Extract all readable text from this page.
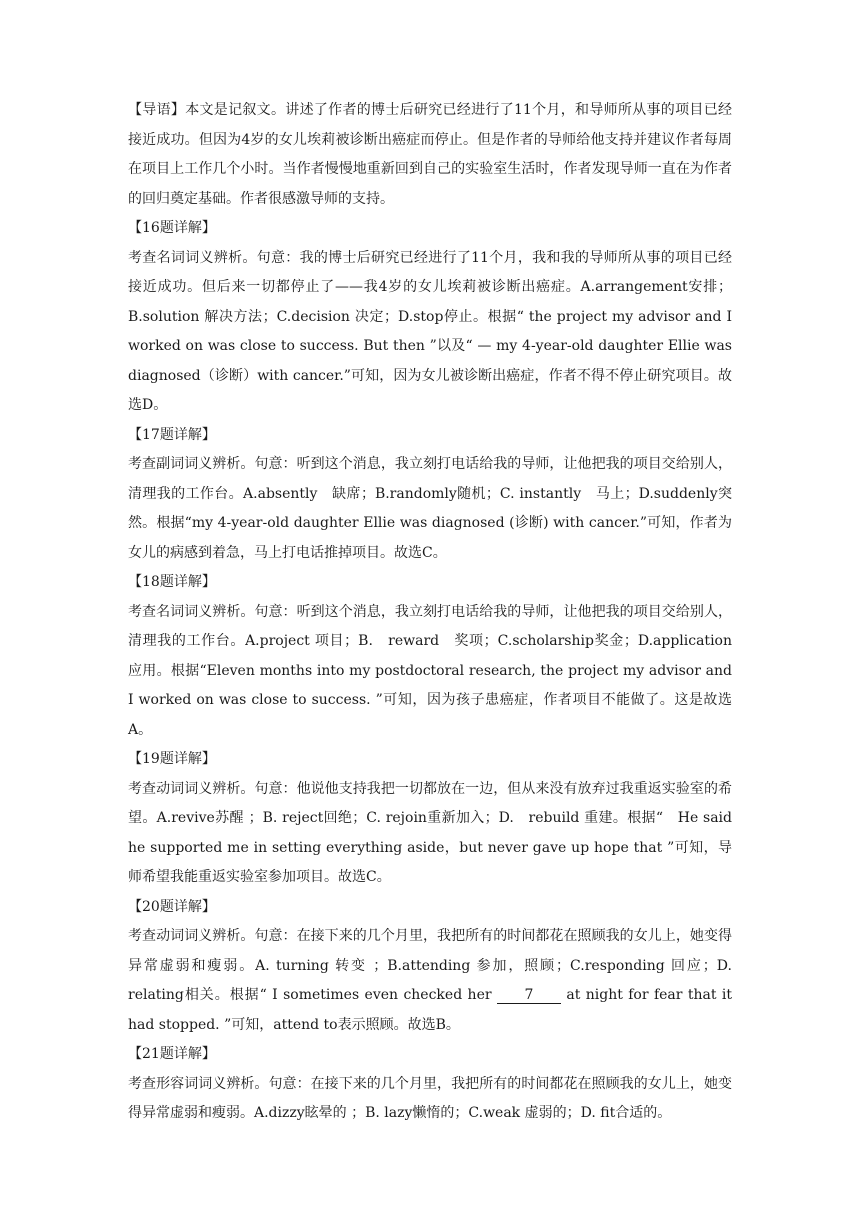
【导语】本文是记叙文。讲述了作者的博士后研究已经进行了11个月，和导师所从事的项目已经接近成功。但因为4岁的女儿埃莉被诊断出癌症而停止。但是作者的导师给他支持并建议作者每周在项目上工作几个小时。当作者慢慢地重新回到自己的实验室生活时，作者发现导师一直在为作者的回归奠定基础。作者很感激导师的支持。

【16题详解】

考查名词词义辨析。句意：我的博士后研究已经进行了11个月，我和我的导师所从事的项目已经接近成功。但后来一切都停止了——我4岁的女儿埃莉被诊断出癌症。A.arrangement安排；B.solution 解决方法；C.decision 决定；D.stop停止。根据“ the project my advisor and I worked on was close to success. But then ”以及“ — my 4-year-old daughter Ellie was diagnosed（诊断）with cancer.”可知，因为女儿被诊断出癌症，作者不得不停止研究项目。故选D。

【17题详解】

考查副词词义辨析。句意：听到这个消息，我立刻打电话给我的导师，让他把我的项目交给别人，清理我的工作台。A.absently　缺席；B.randomly随机；C. instantly　马上；D.suddenly突然。根据“my 4-year-old daughter Ellie was diagnosed (诊断) with cancer.”可知，作者为女儿的病感到着急，马上打电话推掉项目。故选C。

【18题详解】

考查名词词义辨析。句意：听到这个消息，我立刻打电话给我的导师，让他把我的项目交给别人，清理我的工作台。A.project 项目；B.　reward　奖项；C.scholarship奖金；D.application应用。根据“Eleven months into my postdoctoral research, the project my advisor and I worked on was close to success. ”可知，因为孩子患癌症，作者项目不能做了。这是故选A。

【19题详解】

考查动词词义辨析。句意：他说他支持我把一切都放在一边，但从来没有放弃过我重返实验室的希望。A.revive苏醒 ；B. reject回绝；C. rejoin重新加入；D.　rebuild 重建。根据“　He said he supported me in setting everything aside，but never gave up hope that ”可知，导师希望我能重返实验室参加项目。故选C。

【20题详解】

考查动词词义辨析。句意：在接下来的几个月里，我把所有的时间都花在照顾我的女儿上，她变得异常虚弱和瘦弱。A. turning 转变 ；B.attending 参加，照顾；C.responding 回应；D. relating相关。根据“ I sometimes even checked her 7 at night for fear that it had stopped. ”可知，attend to表示照顾。故选B。

【21题详解】

考查形容词词义辨析。句意：在接下来的几个月里，我把所有的时间都花在照顾我的女儿上，她变得异常虚弱和瘦弱。A.dizzy眩晕的 ；B. lazy懒惰的；C.weak 虚弱的；D. fit合适的。
